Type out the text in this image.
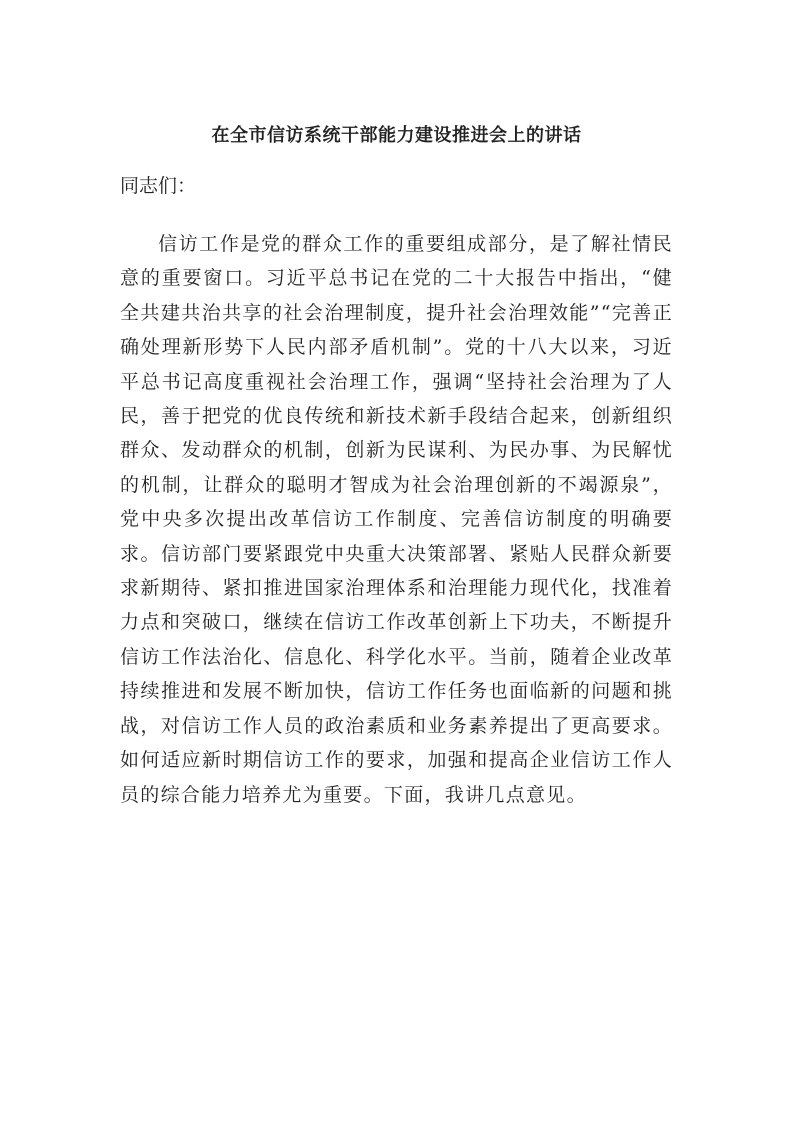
在全市信访系统干部能力建设推进会上的讲话
同志们：

信访工作是党的群众工作的重要组成部分，是了解社情民意的重要窗口。习近平总书记在党的二十大报告中指出，“健全共建共治共享的社会治理制度，提升社会治理效能”“完善正确处理新形势下人民内部矛盾机制”。党的十八大以来，习近平总书记高度重视社会治理工作，强调“坚持社会治理为了人民，善于把党的优良传统和新技术新手段结合起来，创新组织群众、发动群众的机制，创新为民谋利、为民办事、为民解忧的机制，让群众的聪明才智成为社会治理创新的不竭源泉”，党中央多次提出改革信访工作制度、完善信访制度的明确要求。信访部门要紧跟党中央重大决策部署、紧贴人民群众新要求新期待、紧扣推进国家治理体系和治理能力现代化，找准着力点和突破口，继续在信访工作改革创新上下功夫，不断提升信访工作法治化、信息化、科学化水平。当前，随着企业改革持续推进和发展不断加快，信访工作任务也面临新的问题和挑战，对信访工作人员的政治素质和业务素养提出了更高要求。如何适应新时期信访工作的要求，加强和提高企业信访工作人员的综合能力培养尤为重要。下面，我讲几点意见。
